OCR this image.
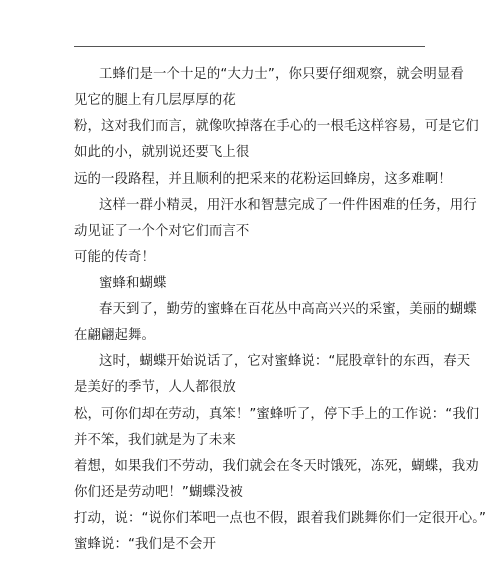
工蜂们是一个十足的“大力士”，你只要仔细观察，就会明显看
见它的腿上有几层厚厚的花
粉，这对我们而言，就像吹掉落在手心的一根毛这样容易，可是它们
如此的小，就别说还要飞上很
远的一段路程，并且顺利的把采来的花粉运回蜂房，这多难啊！
这样一群小精灵，用汗水和智慧完成了一件件困难的任务，用行
动见证了一个个对它们而言不
可能的传奇！
蜜蜂和蝴蝶
春天到了，勤劳的蜜蜂在百花丛中高高兴兴的采蜜，美丽的蝴蝶
在翩翩起舞。
这时，蝴蝶开始说话了，它对蜜蜂说：“屁股章针的东西，春天
是美好的季节，人人都很放
松，可你们却在劳动，真笨！”蜜蜂听了，停下手上的工作说：“我们
并不笨，我们就是为了未来
着想，如果我们不劳动，我们就会在冬天时饿死，冻死，蝴蝶，我劝
你们还是劳动吧！”蝴蝶没被
打动，说：“说你们苯吧一点也不假，跟着我们跳舞你们一定很开心。”
蜜蜂说：“我们是不会开
